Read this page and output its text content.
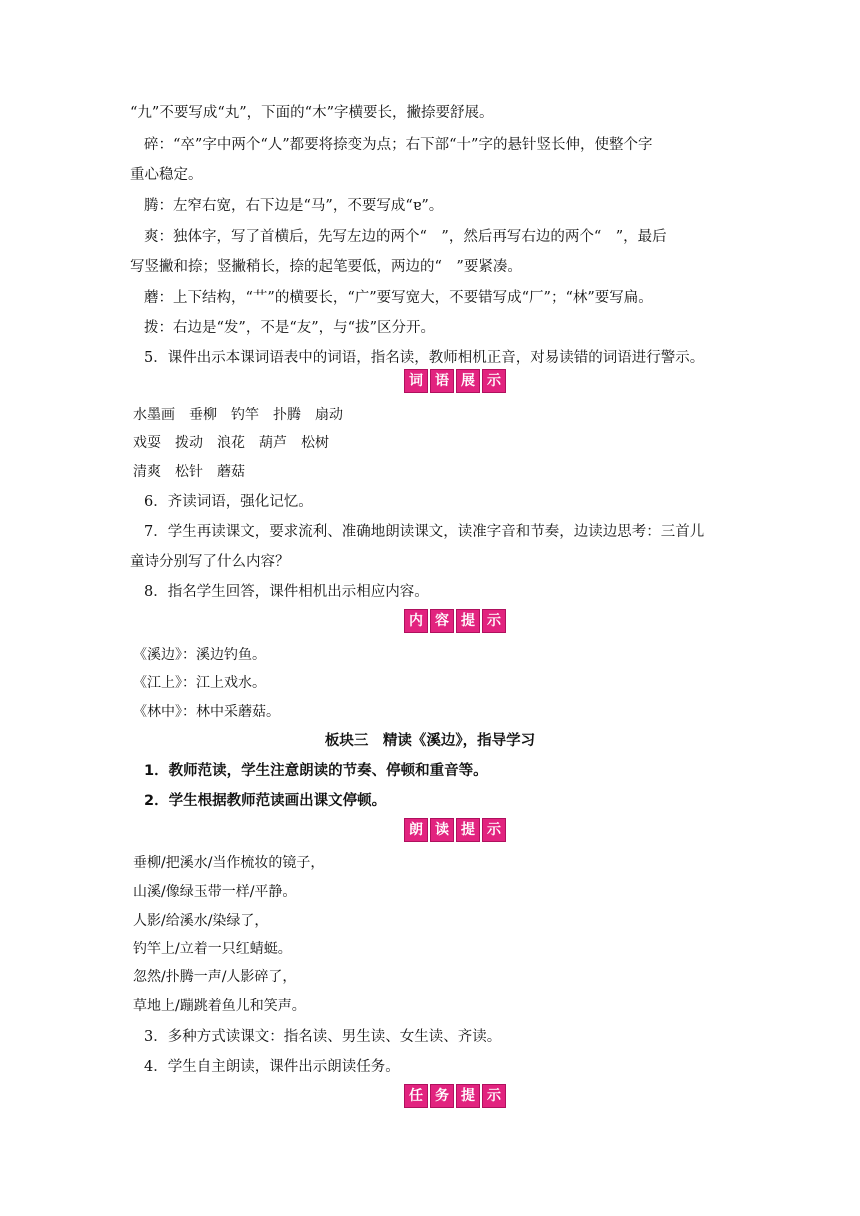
“九”不要写成“丸”，下面的“木”字横要长，撇捺要舒展。
碎：“卒”字中两个“人”都要将捺变为点；右下部“十”字的悬针竖长伸，使整个字
重心稳定。
腾：左窄右宽，右下边是“马”，不要写成“ɐ”。
爽：独体字，写了首横后，先写左边的两个“　”，然后再写右边的两个“　”，最后
写竖撇和捺；竖撇稍长，捺的起笔要低，两边的“　”要紧凑。
蘑：上下结构，“艹”的横要长，“广”要写宽大，不要错写成“厂”；“林”要写扁。
拨：右边是“发”，不是“友”，与“拔”区分开。
5．课件出示本课词语表中的词语，指名读，教师相机正音，对易读错的词语进行警示。
词 语 展 示
水墨画　垂柳　钓竿　扑腾　扇动
戏耍　拨动　浪花　葫芦　松树
清爽　松针　蘑菇
6．齐读词语，强化记忆。
7．学生再读课文，要求流利、准确地朗读课文，读准字音和节奏，边读边思考：三首儿
童诗分别写了什么内容？
8．指名学生回答，课件相机出示相应内容。
内 容 提 示
《溪边》：溪边钓鱼。
《江上》：江上戏水。
《林中》：林中采蘑菇。
板块三　精读《溪边》，指导学习
1．教师范读，学生注意朗读的节奏、停顿和重音等。
2．学生根据教师范读画出课文停顿。
朗 读 提 示
垂柳/把溪水/当作梳妆的镜子，
山溪/像绿玉带一样/平静。
人影/给溪水/染绿了，
钓竿上/立着一只红蜻蜓。
忽然/扑腾一声/人影碎了，
草地上/蹦跳着鱼儿和笑声。
3．多种方式读课文：指名读、男生读、女生读、齐读。
4．学生自主朗读，课件出示朗读任务。
任 务 提 示
